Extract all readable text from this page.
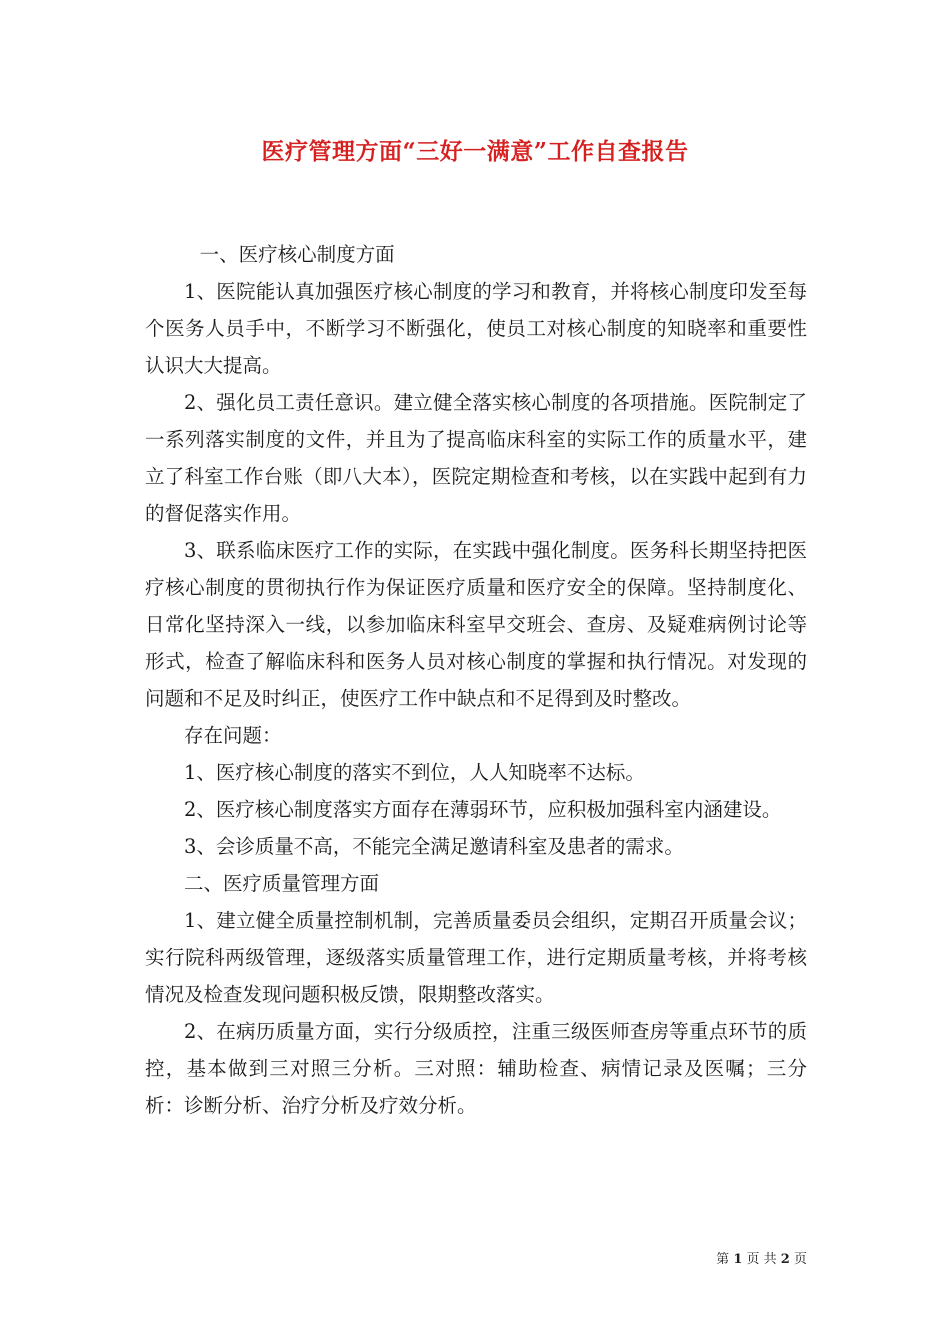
医疗管理方面“三好一满意”工作自查报告

一、医疗核心制度方面

1、医院能认真加强医疗核心制度的学习和教育，并将核心制度印发至每个医务人员手中，不断学习不断强化，使员工对核心制度的知晓率和重要性认识大大提高。

2、强化员工责任意识。建立健全落实核心制度的各项措施。医院制定了一系列落实制度的文件，并且为了提高临床科室的实际工作的质量水平，建立了科室工作台账（即八大本），医院定期检查和考核，以在实践中起到有力的督促落实作用。

3、联系临床医疗工作的实际，在实践中强化制度。医务科长期坚持把医疗核心制度的贯彻执行作为保证医疗质量和医疗安全的保障。坚持制度化、日常化坚持深入一线，以参加临床科室早交班会、查房、及疑难病例讨论等形式，检查了解临床科和医务人员对核心制度的掌握和执行情况。对发现的问题和不足及时纠正，使医疗工作中缺点和不足得到及时整改。

存在问题：

1、医疗核心制度的落实不到位，人人知晓率不达标。

2、医疗核心制度落实方面存在薄弱环节，应积极加强科室内涵建设。

3、会诊质量不高，不能完全满足邀请科室及患者的需求。

二、医疗质量管理方面

1、建立健全质量控制机制，完善质量委员会组织，定期召开质量会议；实行院科两级管理，逐级落实质量管理工作，进行定期质量考核，并将考核情况及检查发现问题积极反馈，限期整改落实。

2、在病历质量方面，实行分级质控，注重三级医师查房等重点环节的质控，基本做到三对照三分析。三对照：辅助检查、病情记录及医嘱；三分析：诊断分析、治疗分析及疗效分析。

第 1 页 共 2 页
